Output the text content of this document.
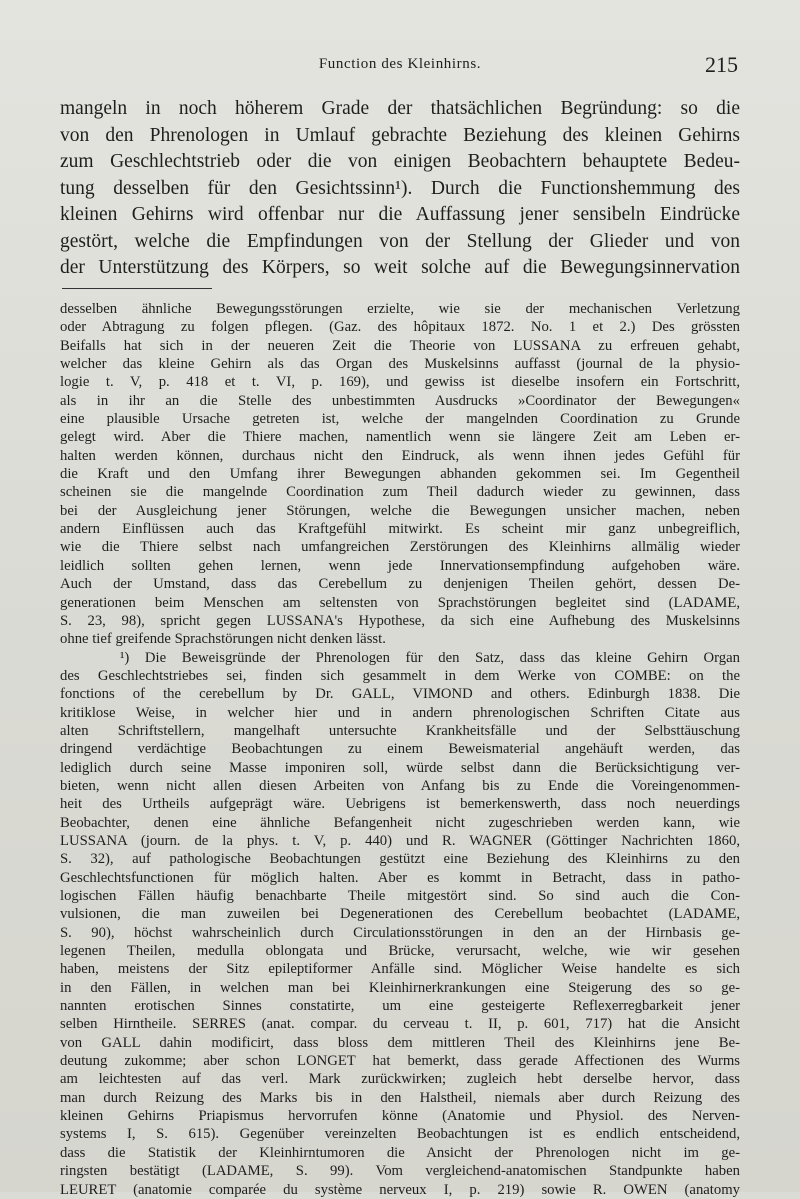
Function des Kleinhirns.	215
mangeln in noch höherem Grade der thatsächlichen Begründung: so die
von den Phrenologen in Umlauf gebrachte Beziehung des kleinen Gehirns
zum Geschlechtstrieb oder die von einigen Beobachtern behauptete Bedeu-
tung desselben für den Gesichtssinn¹). Durch die Functionshemmung des
kleinen Gehirns wird offenbar nur die Auffassung jener sensibeln Eindrücke
gestört, welche die Empfindungen von der Stellung der Glieder und von
der Unterstützung des Körpers, so weit solche auf die Bewegungsinnervation
desselben ähnliche Bewegungsstörungen erzielte, wie sie der mechanischen Verletzung
oder Abtragung zu folgen pflegen. (Gaz. des hôpitaux 1872. No. 1 et 2.) Des grössten
Beifalls hat sich in der neueren Zeit die Theorie von LUSSANA zu erfreuen gehabt,
welcher das kleine Gehirn als das Organ des Muskelsinns auffasst (journal de la physio-
logie t. V, p. 418 et t. VI, p. 169), und gewiss ist dieselbe insofern ein Fortschritt,
als in ihr an die Stelle des unbestimmten Ausdrucks »Coordinator der Bewegungen«
eine plausible Ursache getreten ist, welche der mangelnden Coordination zu Grunde
gelegt wird. Aber die Thiere machen, namentlich wenn sie längere Zeit am Leben er-
halten werden können, durchaus nicht den Eindruck, als wenn ihnen jedes Gefühl für
die Kraft und den Umfang ihrer Bewegungen abhanden gekommen sei. Im Gegentheil
scheinen sie die mangelnde Coordination zum Theil dadurch wieder zu gewinnen, dass
bei der Ausgleichung jener Störungen, welche die Bewegungen unsicher machen, neben
andern Einflüssen auch das Kraftgefühl mitwirkt. Es scheint mir ganz unbegreiflich,
wie die Thiere selbst nach umfangreichen Zerstörungen des Kleinhirns allmälig wieder
leidlich sollten gehen lernen, wenn jede Innervationsempfindung aufgehoben wäre.
Auch der Umstand, dass das Cerebellum zu denjenigen Theilen gehört, dessen De-
generationen beim Menschen am seltensten von Sprachstörungen begleitet sind (LADAME,
S. 23, 98), spricht gegen LUSSANA's Hypothese, da sich eine Aufhebung des Muskelsinns
ohne tief greifende Sprachstörungen nicht denken lässt.
¹) Die Beweisgründe der Phrenologen für den Satz, dass das kleine Gehirn Organ
des Geschlechtstriebes sei, finden sich gesammelt in dem Werke von COMBE: on the
fonctions of the cerebellum by Dr. GALL, VIMOND and others. Edinburgh 1838. Die
kritiklose Weise, in welcher hier und in andern phrenologischen Schriften Citate aus
alten Schriftstellern, mangelhaft untersuchte Krankheitsfälle und der Selbsttäuschung
dringend verdächtige Beobachtungen zu einem Beweismaterial angehäuft werden, das
lediglich durch seine Masse imponiren soll, würde selbst dann die Berücksichtigung ver-
bieten, wenn nicht allen diesen Arbeiten von Anfang bis zu Ende die Voreingenommen-
heit des Urtheils aufgeprägt wäre. Uebrigens ist bemerkenswerth, dass noch neuerdings
Beobachter, denen eine ähnliche Befangenheit nicht zugeschrieben werden kann, wie
LUSSANA (journ. de la phys. t. V, p. 440) und R. WAGNER (Göttinger Nachrichten 1860,
S. 32), auf pathologische Beobachtungen gestützt eine Beziehung des Kleinhirns zu den
Geschlechtsfunctionen für möglich halten. Aber es kommt in Betracht, dass in patho-
logischen Fällen häufig benachbarte Theile mitgestört sind. So sind auch die Con-
vulsionen, die man zuweilen bei Degenerationen des Cerebellum beobachtet (LADAME,
S. 90), höchst wahrscheinlich durch Circulationsstörungen in den an der Hirnbasis ge-
legenen Theilen, medulla oblongata und Brücke, verursacht, welche, wie wir gesehen
haben, meistens der Sitz epileptiformer Anfälle sind. Möglicher Weise handelte es sich
in den Fällen, in welchen man bei Kleinhirnerkrankungen eine Steigerung des so ge-
nannten erotischen Sinnes constatirte, um eine gesteigerte Reflexerregbarkeit jener
selben Hirntheile. SERRES (anat. compar. du cerveau t. II, p. 601, 717) hat die Ansicht
von GALL dahin modificirt, dass bloss dem mittleren Theil des Kleinhirns jene Be-
deutung zukomme; aber schon LONGET hat bemerkt, dass gerade Affectionen des Wurms
am leichtesten auf das verl. Mark zurückwirken; zugleich hebt derselbe hervor, dass
man durch Reizung des Marks bis in den Halstheil, niemals aber durch Reizung des
kleinen Gehirns Priapismus hervorrufen könne (Anatomie und Physiol. des Nerven-
systems I, S. 615). Gegenüber vereinzelten Beobachtungen ist es endlich entscheidend,
dass die Statistik der Kleinhirntumoren die Ansicht der Phrenologen nicht im ge-
ringsten bestätigt (LADAME, S. 99). Vom vergleichend-anatomischen Standpunkte haben
LEURET (anatomie comparée du système nerveux I, p. 219) sowie R. OWEN (anatomy
